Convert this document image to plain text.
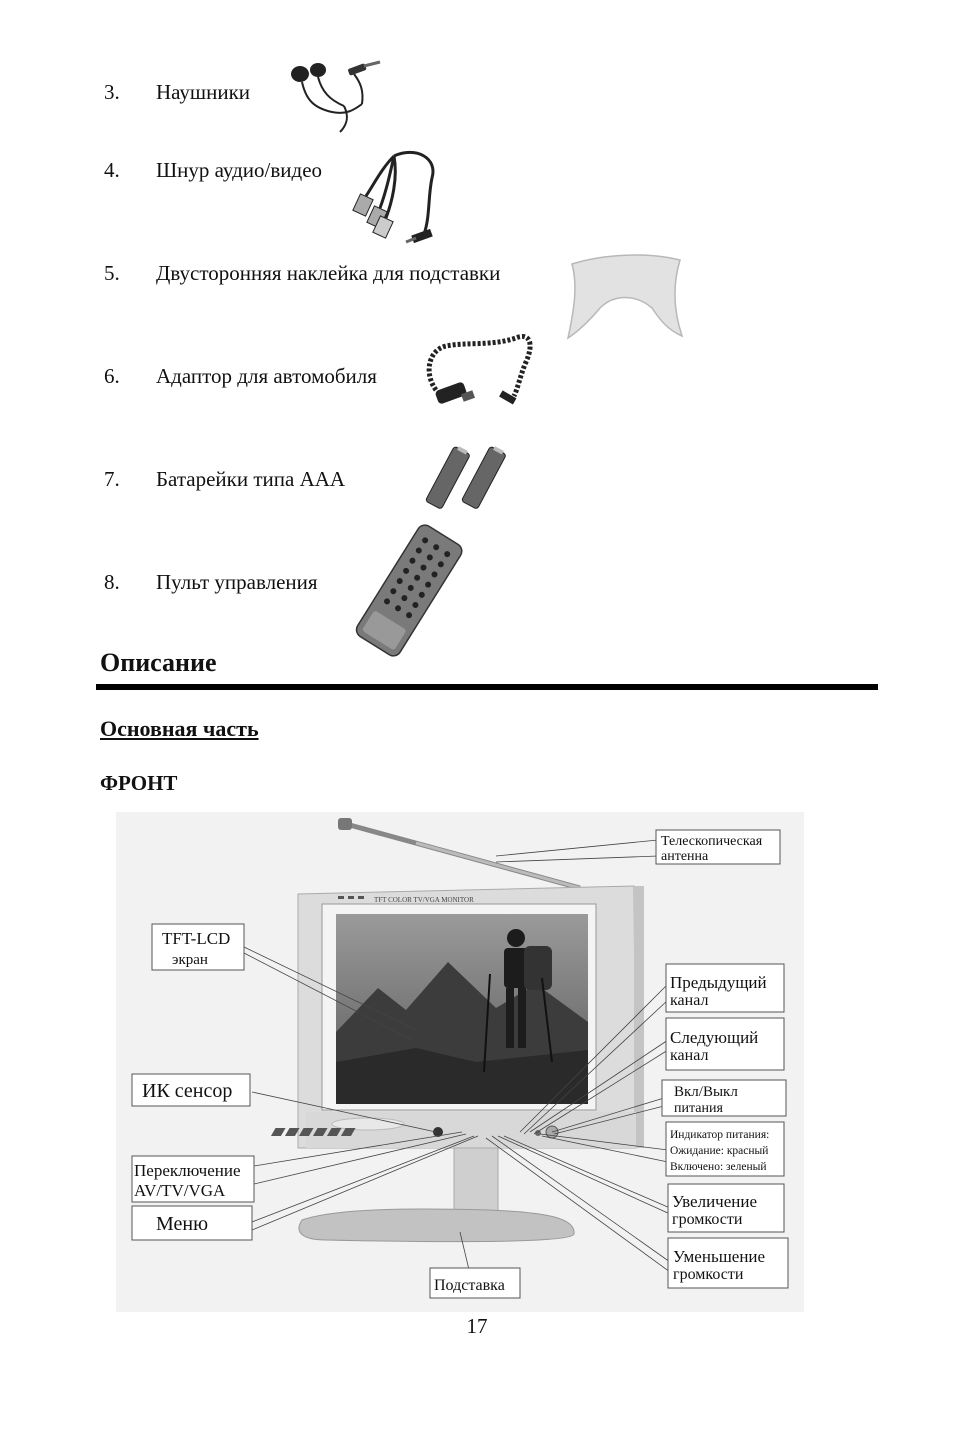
3.	Наушники
4.	Шнур аудио/видео
5.	Двусторонняя наклейка для подставки
6.	Адаптор для автомобиля
7.	Батарейки типа AAA
8.	Пульт управления
Описание
Основная часть
ФРОНТ
TFT COLOR TV/VGA MONITOR
Телескопическая
антенна
TFT-LCD
экран
ИК сенсор
Переключение
AV/TV/VGA
Меню
Подставка
Предыдущий
канал
Следующий
канал
Вкл/Выкл
питания
Индикатор питания:
Ожидание: красный
Включено: зеленый
Увеличение
громкости
Уменьшение
громкости
17
